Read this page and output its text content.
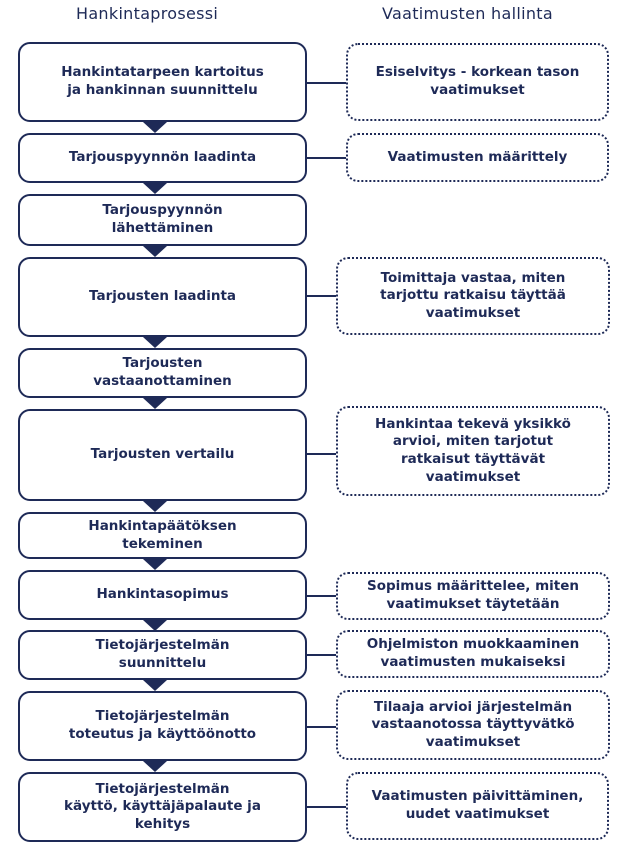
Hankintaprosessi	Vaatimusten hallinta
Hankintatarpeen kartoitus
ja hankinnan suunnittelu
Tarjouspyynnön laadinta
Tarjouspyynnön
lähettäminen
Tarjousten laadinta
Tarjousten
vastaanottaminen
Tarjousten vertailu
Hankintapäätöksen
tekeminen
Hankintasopimus
Tietojärjestelmän
suunnittelu
Tietojärjestelmän
toteutus ja käyttöönotto
Tietojärjestelmän
käyttö, käyttäjäpalaute ja
kehitys
Esiselvitys - korkean tason
vaatimukset
Vaatimusten määrittely
Toimittaja vastaa, miten
tarjottu ratkaisu täyttää
vaatimukset
Hankintaa tekevä yksikkö
arvioi, miten tarjotut
ratkaisut täyttävät
vaatimukset
Sopimus määrittelee, miten
vaatimukset täytetään
Ohjelmiston muokkaaminen
vaatimusten mukaiseksi
Tilaaja arvioi järjestelmän
vastaanotossa täyttyvätkö
vaatimukset
Vaatimusten päivittäminen,
uudet vaatimukset
